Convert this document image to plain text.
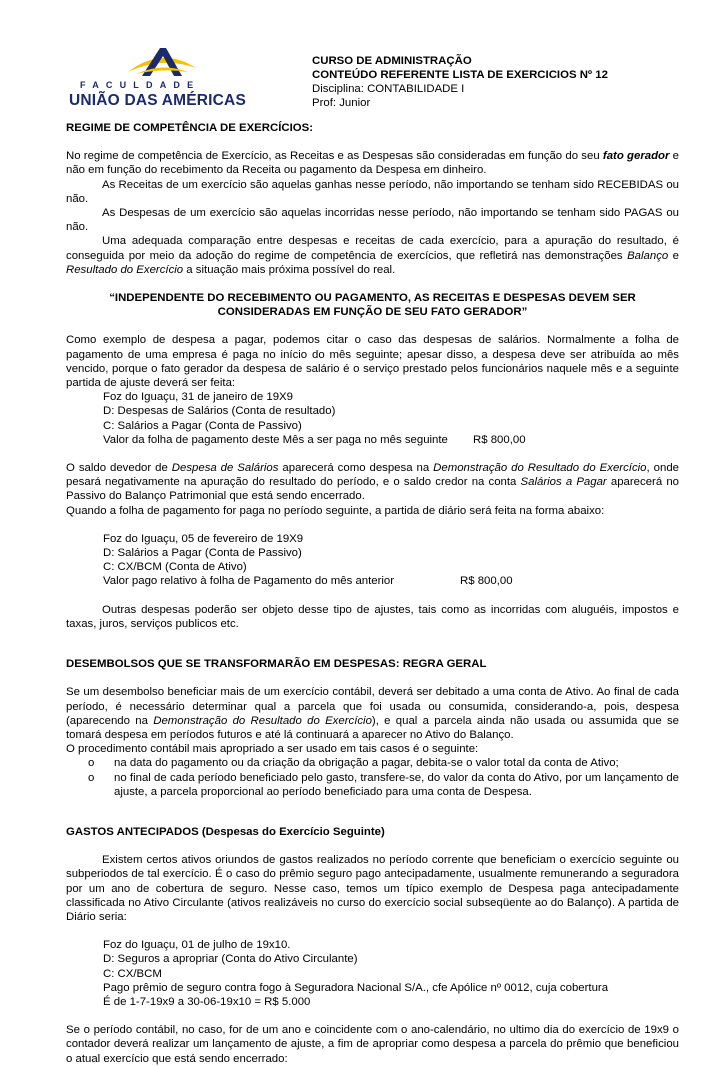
FACULDADE
UNIÃO DAS AMÉRICAS
CURSO DE ADMINISTRAÇÃO
CONTEÚDO REFERENTE LISTA DE EXERCICIOS Nº 12
Disciplina: CONTABILIDADE I
Prof: Junior

REGIME DE COMPETÊNCIA DE EXERCÍCIOS:

No regime de competência de Exercício, as Receitas e as Despesas são consideradas em função do seu fato gerador e não em função do recebimento da Receita ou pagamento da Despesa em dinheiro.

As Receitas de um exercício são aquelas ganhas nesse período, não importando se tenham sido RECEBIDAS ou não.

As Despesas de um exercício são aquelas incorridas nesse período, não importando se tenham sido PAGAS ou não.

Uma adequada comparação entre despesas e receitas de cada exercício, para a apuração do resultado, é conseguida por meio da adoção do regime de competência de exercícios, que refletirá nas demonstrações Balanço e Resultado do Exercício a situação mais próxima possível do real.

“INDEPENDENTE DO RECEBIMENTO OU PAGAMENTO, AS RECEITAS E DESPESAS DEVEM SER CONSIDERADAS EM FUNÇÃO DE SEU FATO GERADOR”

Como exemplo de despesa a pagar, podemos citar o caso das despesas de salários. Normalmente a folha de pagamento de uma empresa é paga no início do mês seguinte; apesar disso, a despesa deve ser atribuída ao mês vencido, porque o fato gerador da despesa de salário é o serviço prestado pelos funcionários naquele mês e a seguinte partida de ajuste deverá ser feita:

Foz do Iguaçu, 31 de janeiro de 19X9
D: Despesas de Salários (Conta de resultado)
C: Salários a Pagar (Conta de Passivo)
Valor da folha de pagamento deste Mês a ser paga no mês seguinte R$ 800,00

O saldo devedor de Despesa de Salários aparecerá como despesa na Demonstração do Resultado do Exercício, onde pesará negativamente na apuração do resultado do período, e o saldo credor na conta Salários a Pagar aparecerá no Passivo do Balanço Patrimonial que está sendo encerrado.

Quando a folha de pagamento for paga no período seguinte, a partida de diário será feita na forma abaixo:

Foz do Iguaçu, 05 de fevereiro de 19X9
D: Salários a Pagar (Conta de Passivo)
C: CX/BCM (Conta de Ativo)
Valor pago relativo à folha de Pagamento do mês anterior	R$ 800,00

Outras despesas poderão ser objeto desse tipo de ajustes, tais como as incorridas com aluguéis, impostos e taxas, juros, serviços publicos etc.

DESEMBOLSOS QUE SE TRANSFORMARÃO EM DESPESAS: REGRA GERAL

Se um desembolso beneficiar mais de um exercício contábil, deverá ser debitado a uma conta de Ativo. Ao final de cada período, é necessário determinar qual a parcela que foi usada ou consumida, considerando-a, pois, despesa (aparecendo na Demonstração do Resultado do Exercício), e qual a parcela ainda não usada ou assumida que se tomará despesa em períodos futuros e até lá continuará a aparecer no Ativo do Balanço.

O procedimento contábil mais apropriado a ser usado em tais casos é o seguinte:

o na data do pagamento ou da criação da obrigação a pagar, debita-se o valor total da conta de Ativo;
o no final de cada período beneficiado pelo gasto, transfere-se, do valor da conta do Ativo, por um lançamento de ajuste, a parcela proporcional ao período beneficiado para uma conta de Despesa.

GASTOS ANTECIPADOS (Despesas do Exercício Seguinte)

Existem certos ativos oriundos de gastos realizados no período corrente que beneficiam o exercício seguinte ou subperiodos de tal exercício. É o caso do prêmio seguro pago antecipadamente, usualmente remunerando a seguradora por um ano de cobertura de seguro. Nesse caso, temos um típico exemplo de Despesa paga antecipadamente classificada no Ativo Circulante (ativos realizáveis no curso do exercício social subseqüente ao do Balanço). A partida de Diário seria:

Foz do Iguaçu, 01 de julho de 19x10.
D: Seguros a apropriar (Conta do Ativo Circulante)
C: CX/BCM
Pago prêmio de seguro contra fogo à Seguradora Nacional S/A., cfe Apólice nº 0012, cuja cobertura
É de 1-7-19x9 a 30-06-19x10 = R$ 5.000

Se o período contábil, no caso, for de um ano e coincidente com o ano-calendário, no ultimo dia do exercício de 19x9 o contador deverá realizar um lançamento de ajuste, a fim de apropriar como despesa a parcela do prêmio que beneficiou o atual exercício que está sendo encerrado:
